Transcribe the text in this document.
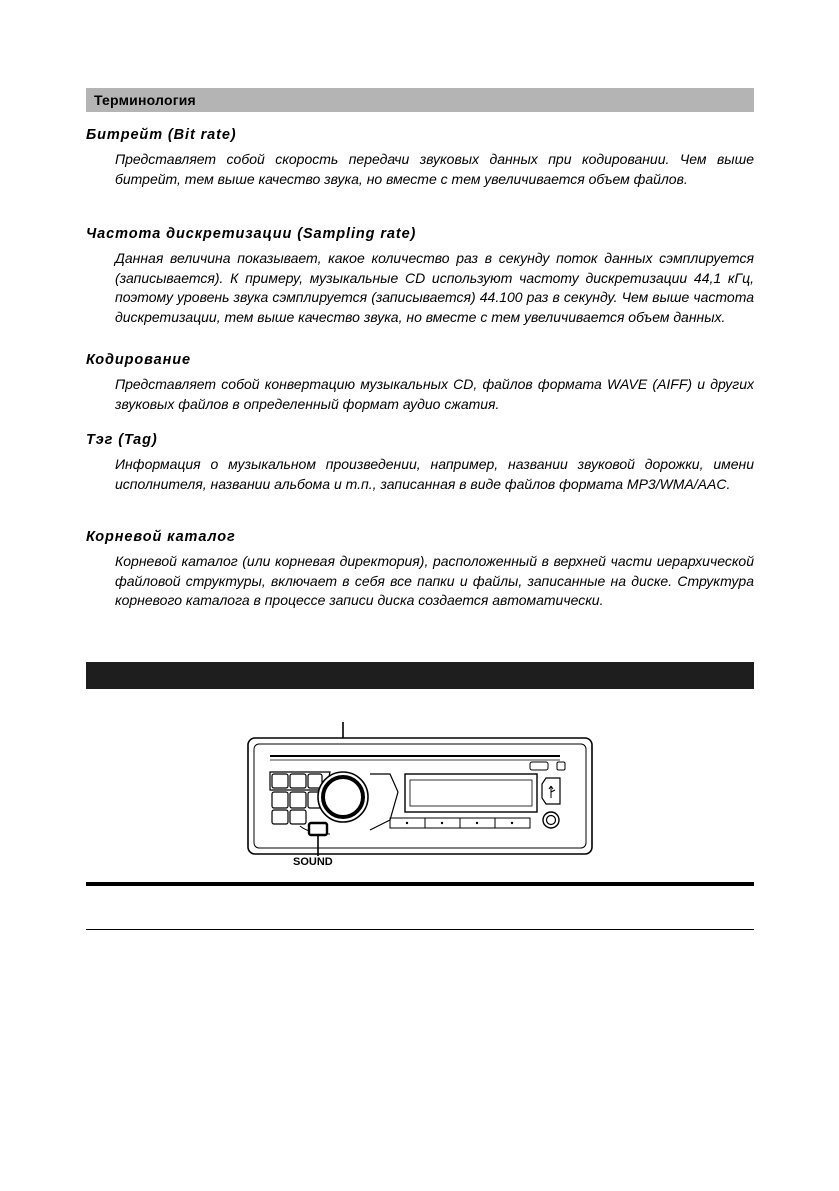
Терминология
Битрейт (Bit rate)

Представляет собой скорость передачи звуковых данных при кодировании. Чем выше битрейт, тем выше качество звука, но вместе с тем увеличивается объем файлов.

Частота дискретизации (Sampling rate)

Данная величина показывает, какое количество раз в секунду поток данных сэмплируется (записывается). К примеру, музыкальные CD используют частоту дискретизации 44,1 кГц, поэтому уровень звука сэмплируется (записывается) 44.100 раз в секунду. Чем выше частота дискретизации, тем выше качество звука, но вместе с тем увеличивается объем данных.

Кодирование

Представляет собой конвертацию музыкальных CD, файлов формата WAVE (AIFF) и других звуковых файлов в определенный формат аудио сжатия.

Тэг (Tag)

Информация о музыкальном произведении, например, названии звуковой дорожки, имени исполнителя, названии альбома и т.п., записанная в виде файлов формата MP3/WMA/AAC.

Корневой каталог

Корневой каталог (или корневая директория), расположенный в верхней части иерархической файловой структуры, включает в себя все папки и файлы, записанные на диске. Структура корневого каталога в процессе записи диска создается автоматически.

SOUND
